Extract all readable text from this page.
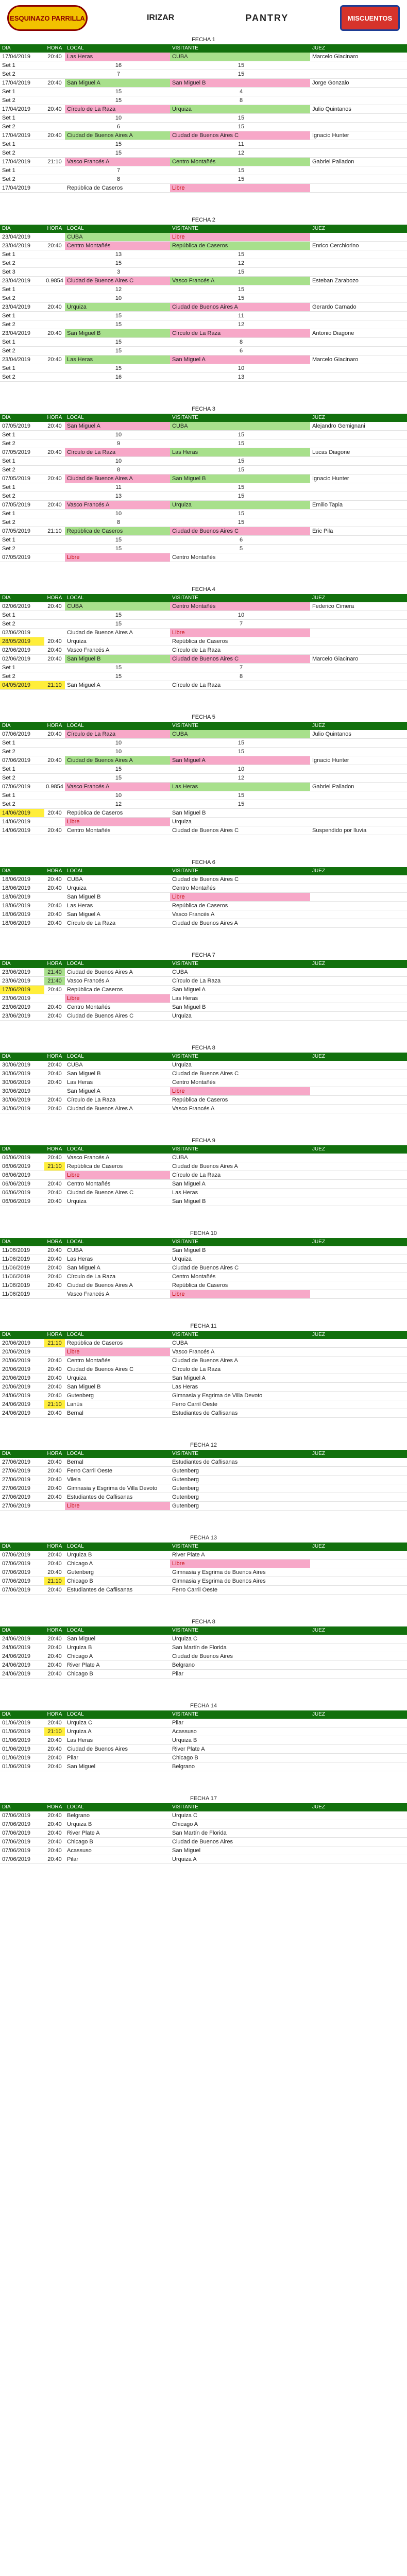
ESQUINAZO PARRILLA	IRIZAR	PANTRY	MISCUENTOS
FECHA 1
DIA	HORA LOCAL	VISITANTE	JUEZ
17/04/2019	20:40 Las Heras	CUBA	Marcelo Giacinaro
Set 1	16	15
Set 2	7	15
17/04/2019	20:40 San Miguel A	San Miguel B	Jorge Gonzalo
Set 1	15	4
Set 2	15	8
17/04/2019	20:40 Círculo de La Raza	Urquiza	Julio Quintanos
Set 1	10	15
Set 2	6	15
17/04/2019	20:40 Ciudad de Buenos Aires A	Ciudad de Buenos Aires C	Ignacio Hunter
Set 1	15	11
Set 2	15	12
17/04/2019	21:10 Vasco Francés A	Centro Montañés	Gabriel Palladon
Set 1	7	15
Set 2	8	15
17/04/2019	República de Caseros	Libre
FECHA 2
DIA	HORA LOCAL	VISITANTE	JUEZ
23/04/2019	CUBA	Libre
23/04/2019	20:40 Centro Montañés	República de Caseros	Enrico Cerchiorino
Set 1	13	15
Set 2	15	12
Set 3	3	15
23/04/2019	0.9854 Ciudad de Buenos Aires C	Vasco Francés A	Esteban Zarabozo
Set 1	12	15
Set 2	10	15
23/04/2019	20:40 Urquiza	Ciudad de Buenos Aires A	Gerardo Carnado
Set 1	15	11
Set 2	15	12
23/04/2019	20:40 San Miguel B	Círculo de La Raza	Antonio Diagone
Set 1	15	8
Set 2	15	6
23/04/2019	20:40 Las Heras	San Miguel A	Marcelo Giacinaro
Set 1	15	10
Set 2	16	13
FECHA 3
DIA	HORA LOCAL	VISITANTE	JUEZ
07/05/2019	20:40 San Miguel A	CUBA	Alejandro Gemignani
Set 1	10	15
Set 2	9	15
07/05/2019	20:40 Círculo de La Raza	Las Heras	Lucas Diagone
Set 1	10	15
Set 2	8	15
07/05/2019	20:40 Ciudad de Buenos Aires A	San Miguel B	Ignacio Hunter
Set 1	11	15
Set 2	13	15
07/05/2019	20:40 Vasco Francés A	Urquiza	Emilio Tapia
Set 1	10	15
Set 2	8	15
07/05/2019	21:10 República de Caseros	Ciudad de Buenos Aires C	Eric Pila
Set 1	15	6
Set 2	15	5
07/05/2019	Libre	Centro Montañés
FECHA 4
DIA	HORA LOCAL	VISITANTE	JUEZ
02/06/2019	20:40 CUBA	Centro Montañés	Federico Cimera
Set 1	15	10
Set 2	15	7
02/06/2019	Ciudad de Buenos Aires A	Libre
28/05/2019	20:40 Urquiza	República de Caseros
02/06/2019	20:40 Vasco Francés A	Círculo de La Raza
02/06/2019	20:40 San Miguel B	Ciudad de Buenos Aires C	Marcelo Giacinaro
Set 1	15	7
Set 2	15	8
04/05/2019	21:10 San Miguel A	Círculo de La Raza
FECHA 5
DIA	HORA LOCAL	VISITANTE	JUEZ
07/06/2019	20:40 Círculo de La Raza	CUBA	Julio Quintanos
Set 1	10	15
Set 2	10	15
07/06/2019	20:40 Ciudad de Buenos Aires A	San Miguel A	Ignacio Hunter
Set 1	15	10
Set 2	15	12
07/06/2019	0.9854 Vasco Francés A	Las Heras	Gabriel Palladon
Set 1	10	15
Set 2	12	15
14/06/2019	20:40 República de Caseros	San Miguel B
14/06/2019	Libre	Urquiza
14/06/2019	20:40 Centro Montañés	Ciudad de Buenos Aires C	Suspendido por lluvia
FECHA 6
DIA	HORA LOCAL	VISITANTE	JUEZ
18/06/2019	20:40 CUBA	Ciudad de Buenos Aires C
18/06/2019	20:40 Urquiza	Centro Montañés
18/06/2019	San Miguel B	Libre
18/06/2019	20:40 Las Heras	República de Caseros
18/06/2019	20:40 San Miguel A	Vasco Francés A
18/06/2019	20:40 Círculo de La Raza	Ciudad de Buenos Aires A
FECHA 7
DIA	HORA LOCAL	VISITANTE	JUEZ
23/06/2019	21:40 Ciudad de Buenos Aires A	CUBA
23/06/2019	21:40 Vasco Francés A	Círculo de La Raza
17/06/2019	20:40 República de Caseros	San Miguel A
23/06/2019	Libre	Las Heras
23/06/2019	20:40 Centro Montañés	San Miguel B
23/06/2019	20:40 Ciudad de Buenos Aires C	Urquiza
FECHA 8
DIA	HORA LOCAL	VISITANTE	JUEZ
30/06/2019	20:40 CUBA	Urquiza
30/06/2019	20:40 San Miguel B	Ciudad de Buenos Aires C
30/06/2019	20:40 Las Heras	Centro Montañés
30/06/2019	San Miguel A	Libre
30/06/2019	20:40 Círculo de La Raza	República de Caseros
30/06/2019	20:40 Ciudad de Buenos Aires A	Vasco Francés A
FECHA 9
DIA	HORA LOCAL	VISITANTE	JUEZ
06/06/2019	20:40 Vasco Francés A	CUBA
06/06/2019	21:10 República de Caseros	Ciudad de Buenos Aires A
06/06/2019	Libre	Círculo de La Raza
06/06/2019	20:40 Centro Montañés	San Miguel A
06/06/2019	20:40 Ciudad de Buenos Aires C	Las Heras
06/06/2019	20:40 Urquiza	San Miguel B
FECHA 10
DIA	HORA LOCAL	VISITANTE	JUEZ
11/06/2019	20:40 CUBA	San Miguel B
11/06/2019	20:40 Las Heras	Urquiza
11/06/2019	20:40 San Miguel A	Ciudad de Buenos Aires C
11/06/2019	20:40 Círculo de La Raza	Centro Montañés
11/06/2019	20:40 Ciudad de Buenos Aires A	República de Caseros
11/06/2019	Vasco Francés A	Libre
FECHA 11
DIA	HORA LOCAL	VISITANTE	JUEZ
20/06/2019	21:10 República de Caseros	CUBA
20/06/2019	Libre	Vasco Francés A
20/06/2019	20:40 Centro Montañés	Ciudad de Buenos Aires A
20/06/2019	20:40 Ciudad de Buenos Aires C	Círculo de La Raza
20/06/2019	20:40 Urquiza	San Miguel A
20/06/2019	20:40 San Miguel B	Las Heras
24/06/2019	20:40 Gutenberg	Gimnasia y Esgrima de Villa Devoto
24/06/2019	21:10 Lanús	Ferro Carril Oeste
24/06/2019	20:40 Bernal	Estudiantes de Caflisanas
FECHA 12
DIA	HORA LOCAL	VISITANTE	JUEZ
27/06/2019	20:40 Bernal	Estudiantes de Caflisanas
27/06/2019	20:40 Ferro Carril Oeste	Gutenberg
27/06/2019	20:40 Vilela	Gutenberg
27/06/2019	20:40 Gimnasia y Esgrima de Villa Devoto	Gutenberg
27/06/2019	20:40 Estudiantes de Caflisanas	Gutenberg
27/06/2019	Libre	Gutenberg
FECHA 13
DIA	HORA LOCAL	VISITANTE	JUEZ
07/06/2019	20:40 Urquiza B	River Plate A
07/06/2019	20:40 Chicago A	Libre
07/06/2019	20:40 Gutenberg	Gimnasia y Esgrima de Buenos Aires
07/06/2019	21:10 Chicago B	Gimnasia y Esgrima de Buenos Aires
07/06/2019	20:40 Estudiantes de Caflisanas	Ferro Carril Oeste
FECHA 8
DIA	HORA LOCAL	VISITANTE	JUEZ
24/06/2019	20:40 San Miguel	Urquiza C
24/06/2019	20:40 Urquiza B	San Martín de Florida
24/06/2019	20:40 Chicago A	Ciudad de Buenos Aires
24/06/2019	20:40 River Plate A	Belgrano
24/06/2019	20:40 Chicago B	Pilar
FECHA 14
DIA	HORA LOCAL	VISITANTE	JUEZ
01/06/2019	20:40 Urquiza C	Pilar
01/06/2019	21:10 Urquiza A	Acassuso
01/06/2019	20:40 Las Heras	Urquiza B
01/06/2019	20:40 Ciudad de Buenos Aires	River Plate A
01/06/2019	20:40 Pilar	Chicago B
01/06/2019	20:40 San Miguel	Belgrano
FECHA 17
DIA	HORA LOCAL	VISITANTE	JUEZ
07/06/2019	20:40 Belgrano	Urquiza C
07/06/2019	20:40 Urquiza B	Chicago A
07/06/2019	20:40 River Plate A	San Martín de Florida
07/06/2019	20:40 Chicago B	Ciudad de Buenos Aires
07/06/2019	20:40 Acassuso	San Miguel
07/06/2019	20:40 Pilar	Urquiza A
